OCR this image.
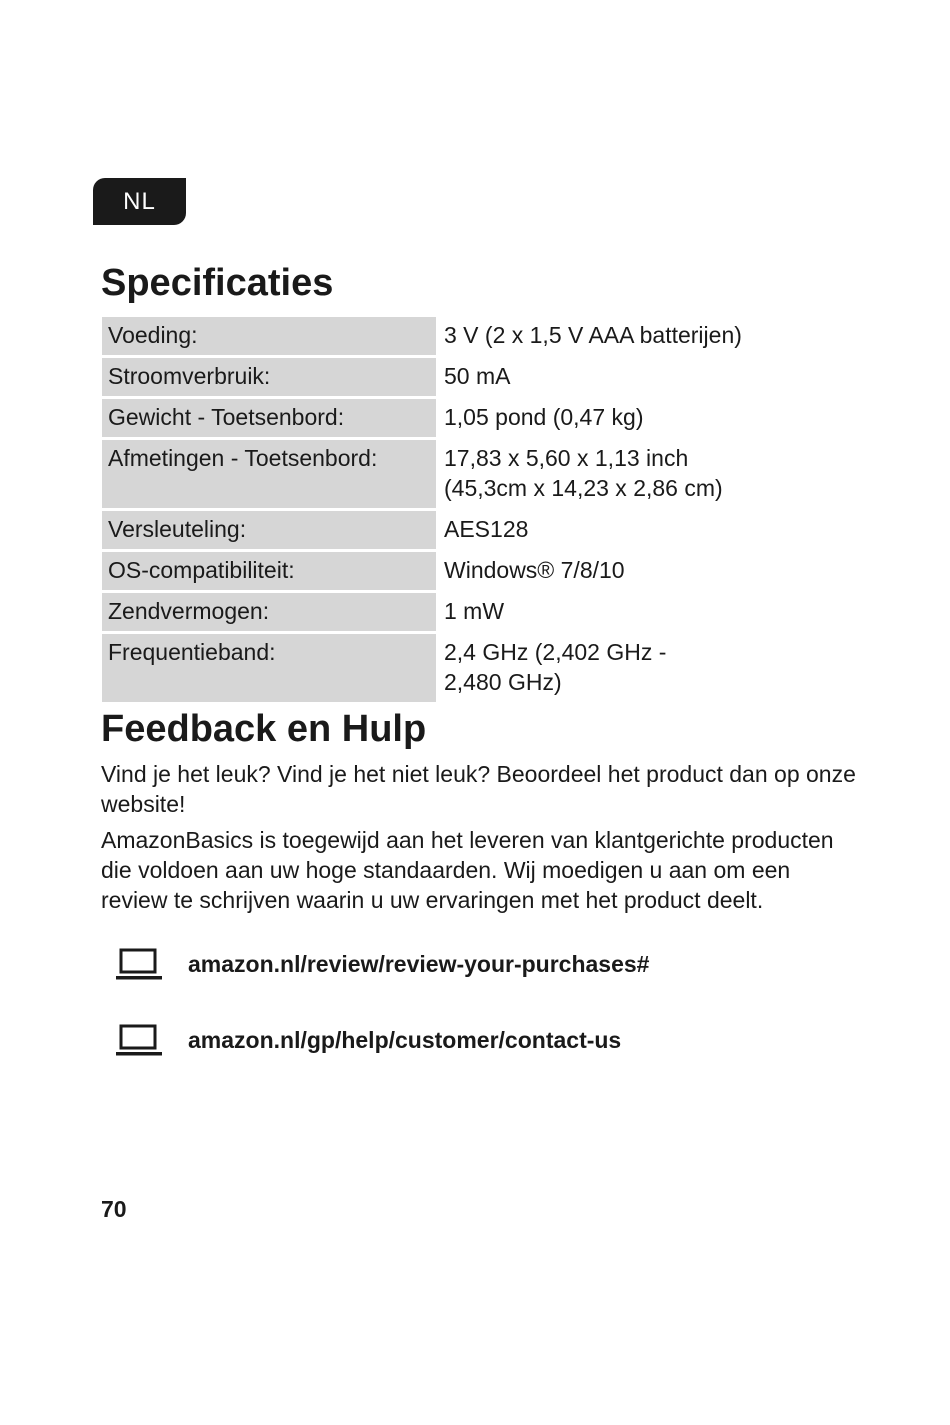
NL
Specificaties
Voeding:	3 V (2 x 1,5 V AAA batterijen)
Stroomverbruik:	50 mA
Gewicht - Toetsenbord:	1,05 pond (0,47 kg)
Afmetingen - Toetsenbord:	17,83 x 5,60 x 1,13 inch
(45,3cm x 14,23 x 2,86 cm)
Versleuteling:	AES128
OS-compatibiliteit:	Windows® 7/8/10
Zendvermogen:	1 mW
Frequentieband:	2,4 GHz (2,402 GHz -
2,480 GHz)
Feedback en Hulp

Vind je het leuk? Vind je het niet leuk? Beoordeel het product dan op onze website!

AmazonBasics is toegewijd aan het leveren van klantgerichte producten die voldoen aan uw hoge standaarden. Wij moedigen u aan om een review te schrijven waarin u uw ervaringen met het product deelt.

amazon.nl/review/review-your-purchases#
amazon.nl/gp/help/customer/contact-us
70
